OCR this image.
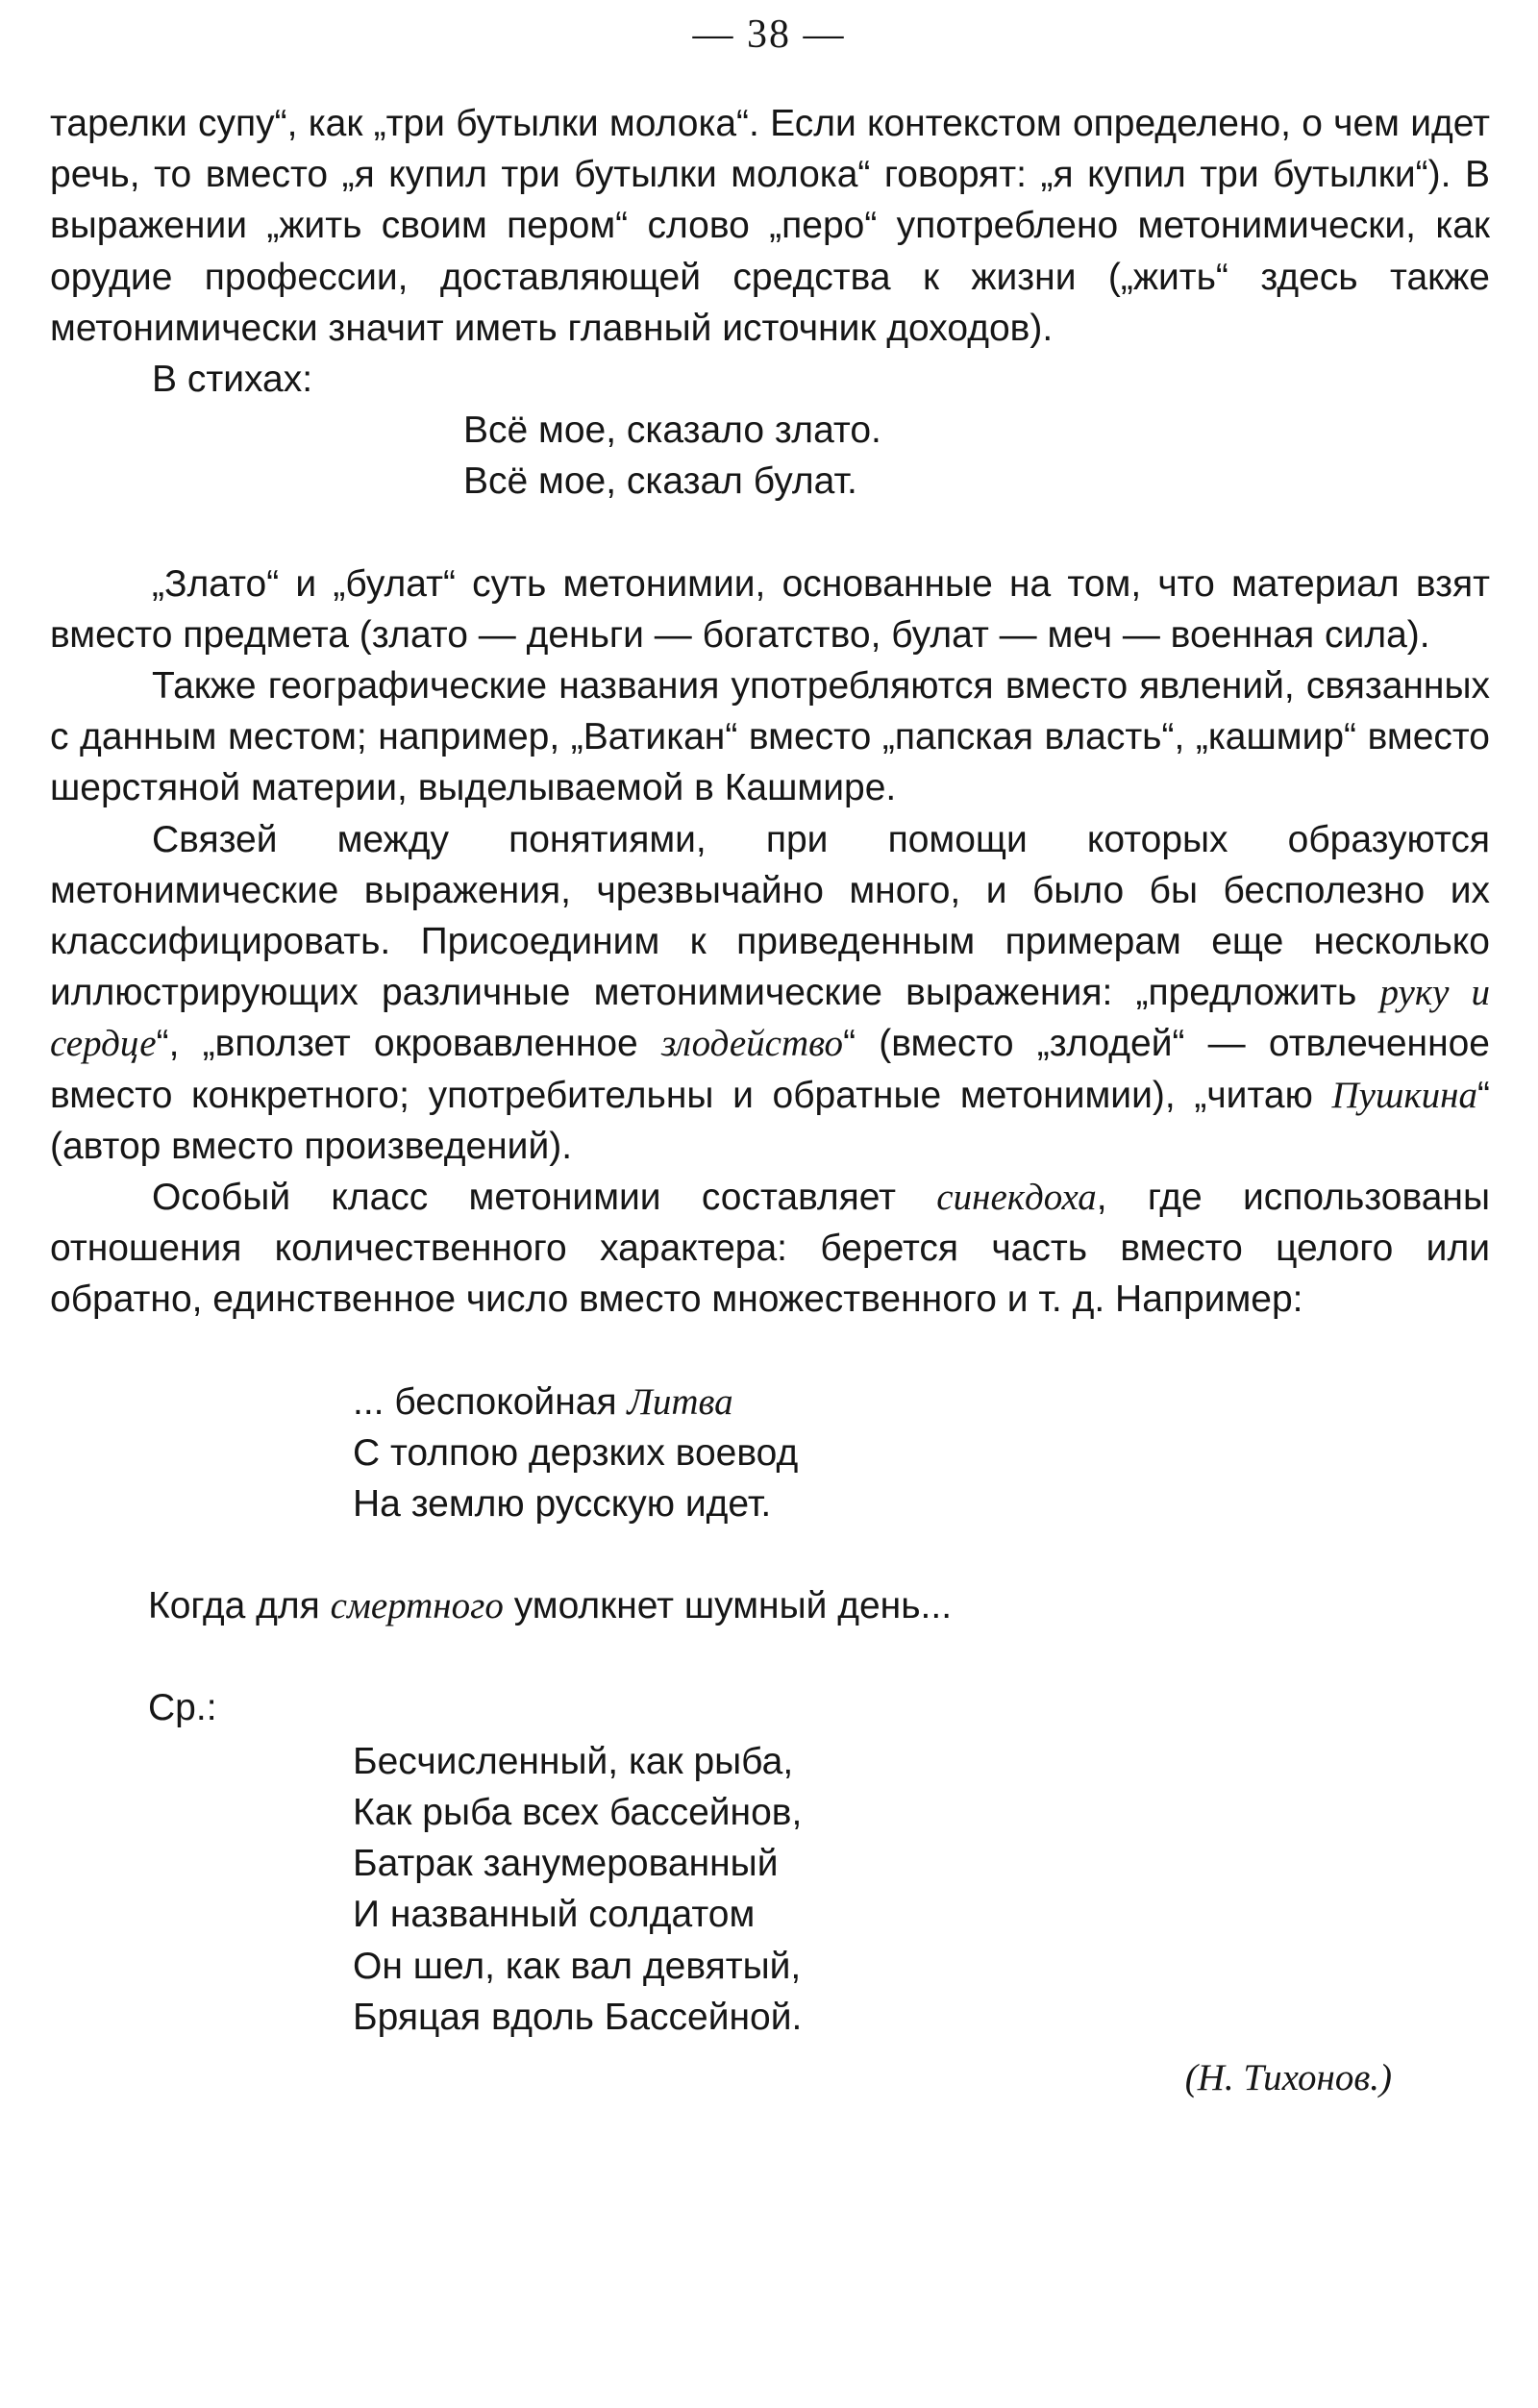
— 38 —

тарелки супу“, как „три бутылки молока“. Если контекстом определено, о чем идет речь, то вместо „я купил три бутылки молока“ говорят: „я купил три бутылки“). В выражении „жить своим пером“ слово „перо“ употреблено метонимически, как орудие профессии, доставляющей средства к жизни („жить“ здесь также метонимически значит иметь главный источник доходов).

В стихах:

Всё мое, сказало злато.
Всё мое, сказал булат.

„Злато“ и „булат“ суть метонимии, основанные на том, что материал взят вместо предмета (злато — деньги — богатство, булат — меч — военная сила).

Также географические названия употребляются вместо явлений, связанных с данным местом; например, „Ватикан“ вместо „папская власть“, „кашмир“ вместо шерстяной материи, выделываемой в Кашмире.

Связей между понятиями, при помощи которых образуются метонимические выражения, чрезвычайно много, и было бы бесполезно их классифицировать. Присоединим к приведенным примерам еще несколько иллюстрирующих различные метонимические выражения: „предложить руку и сердце“, „вползет окровавленное злодейство“ (вместо „злодей“ — отвлеченное вместо конкретного; употребительны и обратные метонимии), „читаю Пушкина“ (автор вместо произведений).

Особый класс метонимии составляет синекдоха, где использованы отношения количественного характера: берется часть вместо целого или обратно, единственное число вместо множественного и т. д. Например:

... беспокойная Литва
С толпою дерзких воевод
На землю русскую идет.

Когда для смертного умолкнет шумный день...

Ср.:

Бесчисленный, как рыба,
Как рыба всех бассейнов,
Батрак занумерованный
И названный солдатом
Он шел, как вал девятый,
Бряцая вдоль Бассейной.

(Н. Тихонов.)
